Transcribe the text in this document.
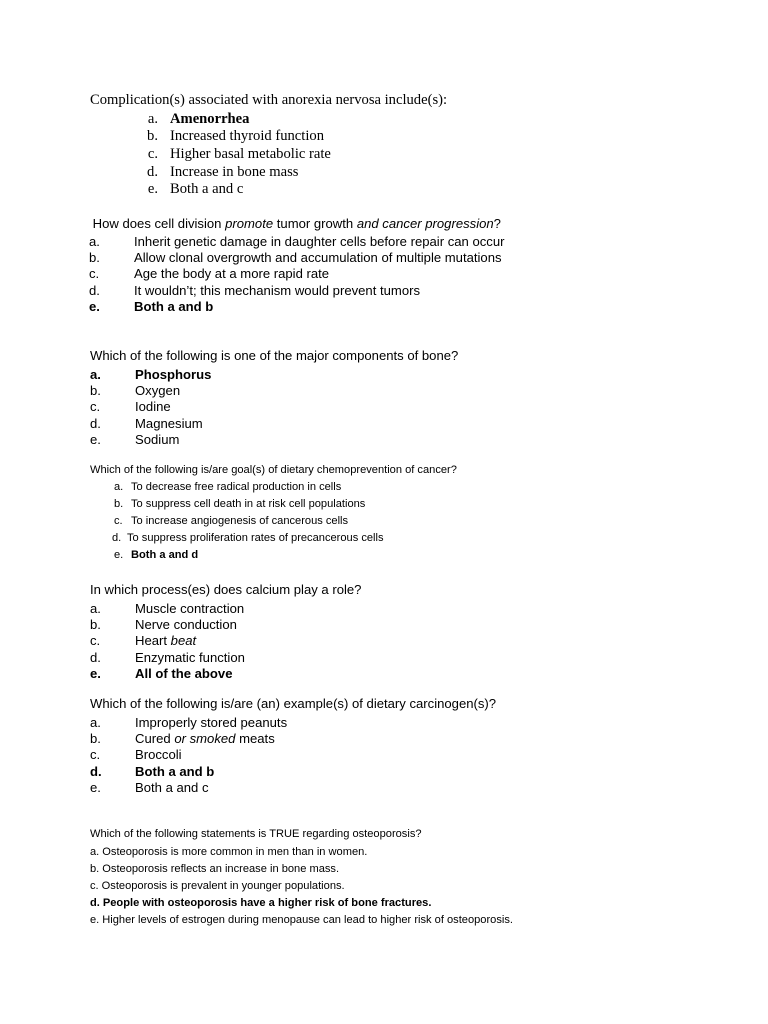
Complication(s) associated with anorexia nervosa include(s):
a. Amenorrhea
b. Increased thyroid function
c. Higher basal metabolic rate
d. Increase in bone mass
e. Both a and c
How does cell division promote tumor growth and cancer progression?
a.	Inherit genetic damage in daughter cells before repair can occur
b.	Allow clonal overgrowth and accumulation of multiple mutations
c.	Age the body at a more rapid rate
d.	It wouldn’t; this mechanism would prevent tumors
e.	Both a and b
Which of the following is one of the major components of bone?
a.	Phosphorus
b.	Oxygen
c.	Iodine
d.	Magnesium
e.	Sodium
Which of the following is/are goal(s) of dietary chemoprevention of cancer?
a. To decrease free radical production in cells
b. To suppress cell death in at risk cell populations
c. To increase angiogenesis of cancerous cells
d. To suppress proliferation rates of precancerous cells
e. Both a and d
In which process(es) does calcium play a role?
a.	Muscle contraction
b.	Nerve conduction
c.	Heart beat
d.	Enzymatic function
e.	All of the above
Which of the following is/are (an) example(s) of dietary carcinogen(s)?
a.	Improperly stored peanuts
b.	Cured or smoked meats
c.	Broccoli
d.	Both a and b
e.	Both a and c
Which of the following statements is TRUE regarding osteoporosis?
a. Osteoporosis is more common in men than in women.
b. Osteoporosis reflects an increase in bone mass.
c. Osteoporosis is prevalent in younger populations.
d. People with osteoporosis have a higher risk of bone fractures.
e. Higher levels of estrogen during menopause can lead to higher risk of osteoporosis.
